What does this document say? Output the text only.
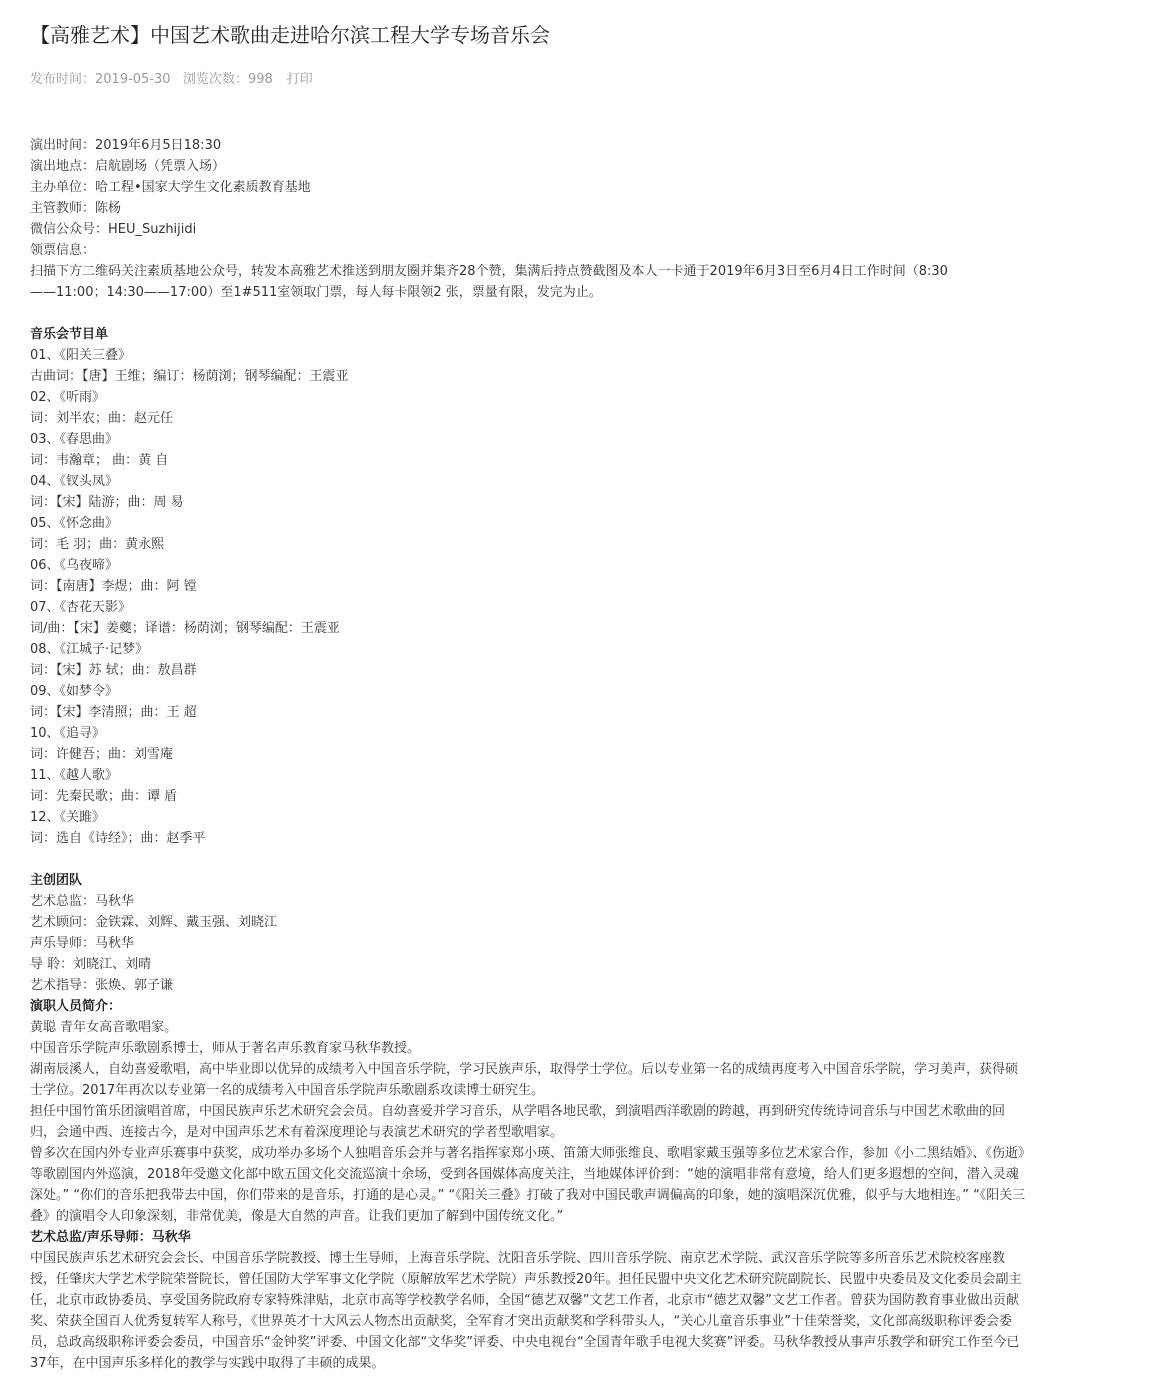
【高雅艺术】中国艺术歌曲走进哈尔滨工程大学专场音乐会
发布时间：2019-05-30 浏览次数：998 打印

演出时间：2019年6月5日18:30

演出地点：启航剧场（凭票入场）

主办单位：哈工程•国家大学生文化素质教育基地

主管教师：陈杨

微信公众号：HEU_Suzhijidi

领票信息：

扫描下方二维码关注素质基地公众号，转发本高雅艺术推送到朋友圈并集齐28个赞，集满后持点赞截图及本人一卡通于2019年6月3日至6月4日工作时间（8:30

——11:00；14:30——17:00）至1#511室领取门票，每人每卡限领2 张，票量有限，发完为止。

音乐会节目单

01、《阳关三叠》

古曲词：【唐】王维；编订：杨荫浏；钢琴编配：王震亚

02、《听雨》

词：刘半农；曲：赵元任

03、《春思曲》

词：韦瀚章； 曲：黄 自

04、《钗头凤》

词：【宋】陆游；曲：周 易

05、《怀念曲》

词：毛 羽；曲：黄永熙

06、《乌夜啼》

词：【南唐】李煜；曲：阿 镗

07、《杏花天影》

词/曲：【宋】姜夔；译谱：杨荫浏；钢琴编配：王震亚

08、《江城子·记梦》

词：【宋】苏 轼；曲：敖昌群

09、《如梦令》

词：【宋】李清照；曲：王 超

10、《追寻》

词：许健吾；曲：刘雪庵

11、《越人歌》

词：先秦民歌；曲：谭 盾

12、《关雎》

词：选自《诗经》；曲：赵季平

主创团队

艺术总监：马秋华

艺术顾问：金铁霖、刘辉、戴玉强、刘晓江

声乐导师：马秋华

导 聆：刘晓江、刘晴

艺术指导：张焕、郭子谦

演职人员简介：

黄聪 青年女高音歌唱家。

中国音乐学院声乐歌剧系博士，师从于著名声乐教育家马秋华教授。

湖南辰溪人，自幼喜爱歌唱，高中毕业即以优异的成绩考入中国音乐学院，学习民族声乐，取得学士学位。后以专业第一名的成绩再度考入中国音乐学院，学习美声，获得硕士学位。2017年再次以专业第一名的成绩考入中国音乐学院声乐歌剧系攻读博士研究生。

担任中国竹笛乐团演唱首席，中国民族声乐艺术研究会会员。自幼喜爱并学习音乐，从学唱各地民歌，到演唱西洋歌剧的跨越，再到研究传统诗词音乐与中国艺术歌曲的回归，会通中西、连接古今，是对中国声乐艺术有着深度理论与表演艺术研究的学者型歌唱家。

曾多次在国内外专业声乐赛事中获奖，成功举办多场个人独唱音乐会并与著名指挥家郑小瑛、笛箫大师张维良、歌唱家戴玉强等多位艺术家合作，参加《小二黑结婚》、《伤逝》等歌剧国内外巡演，2018年受邀文化部中欧五国文化交流巡演十余场，受到各国媒体高度关注，当地媒体评价到：“她的演唱非常有意境，给人们更多遐想的空间，潜入灵魂深处。” “你们的音乐把我带去中国，你们带来的是音乐，打通的是心灵。” “《阳关三叠》打破了我对中国民歌声调偏高的印象，她的演唱深沉优雅，似乎与大地相连。” “《阳关三叠》的演唱令人印象深刻，非常优美，像是大自然的声音。让我们更加了解到中国传统文化。”

艺术总监/声乐导师：马秋华

中国民族声乐艺术研究会会长、中国音乐学院教授、博士生导师，上海音乐学院、沈阳音乐学院、四川音乐学院、南京艺术学院、武汉音乐学院等多所音乐艺术院校客座教授，任肇庆大学艺术学院荣誉院长，曾任国防大学军事文化学院（原解放军艺术学院）声乐教授20年。担任民盟中央文化艺术研究院副院长、民盟中央委员及文化委员会副主任，北京市政协委员、享受国务院政府专家特殊津贴，北京市高等学校教学名师，全国“德艺双馨”文艺工作者，北京市“德艺双馨”文艺工作者。曾获为国防教育事业做出贡献奖、荣获全国百人优秀复转军人称号，《世界英才十大风云人物杰出贡献奖，全军育才突出贡献奖和学科带头人，“关心儿童音乐事业”十佳荣誉奖，文化部高级职称评委会委员，总政高级职称评委会委员，中国音乐“金钟奖”评委、中国文化部“文华奖”评委、中央电视台“全国青年歌手电视大奖赛”评委。马秋华教授从事声乐教学和研究工作至今已37年，在中国声乐多样化的教学与实践中取得了丰硕的成果。
